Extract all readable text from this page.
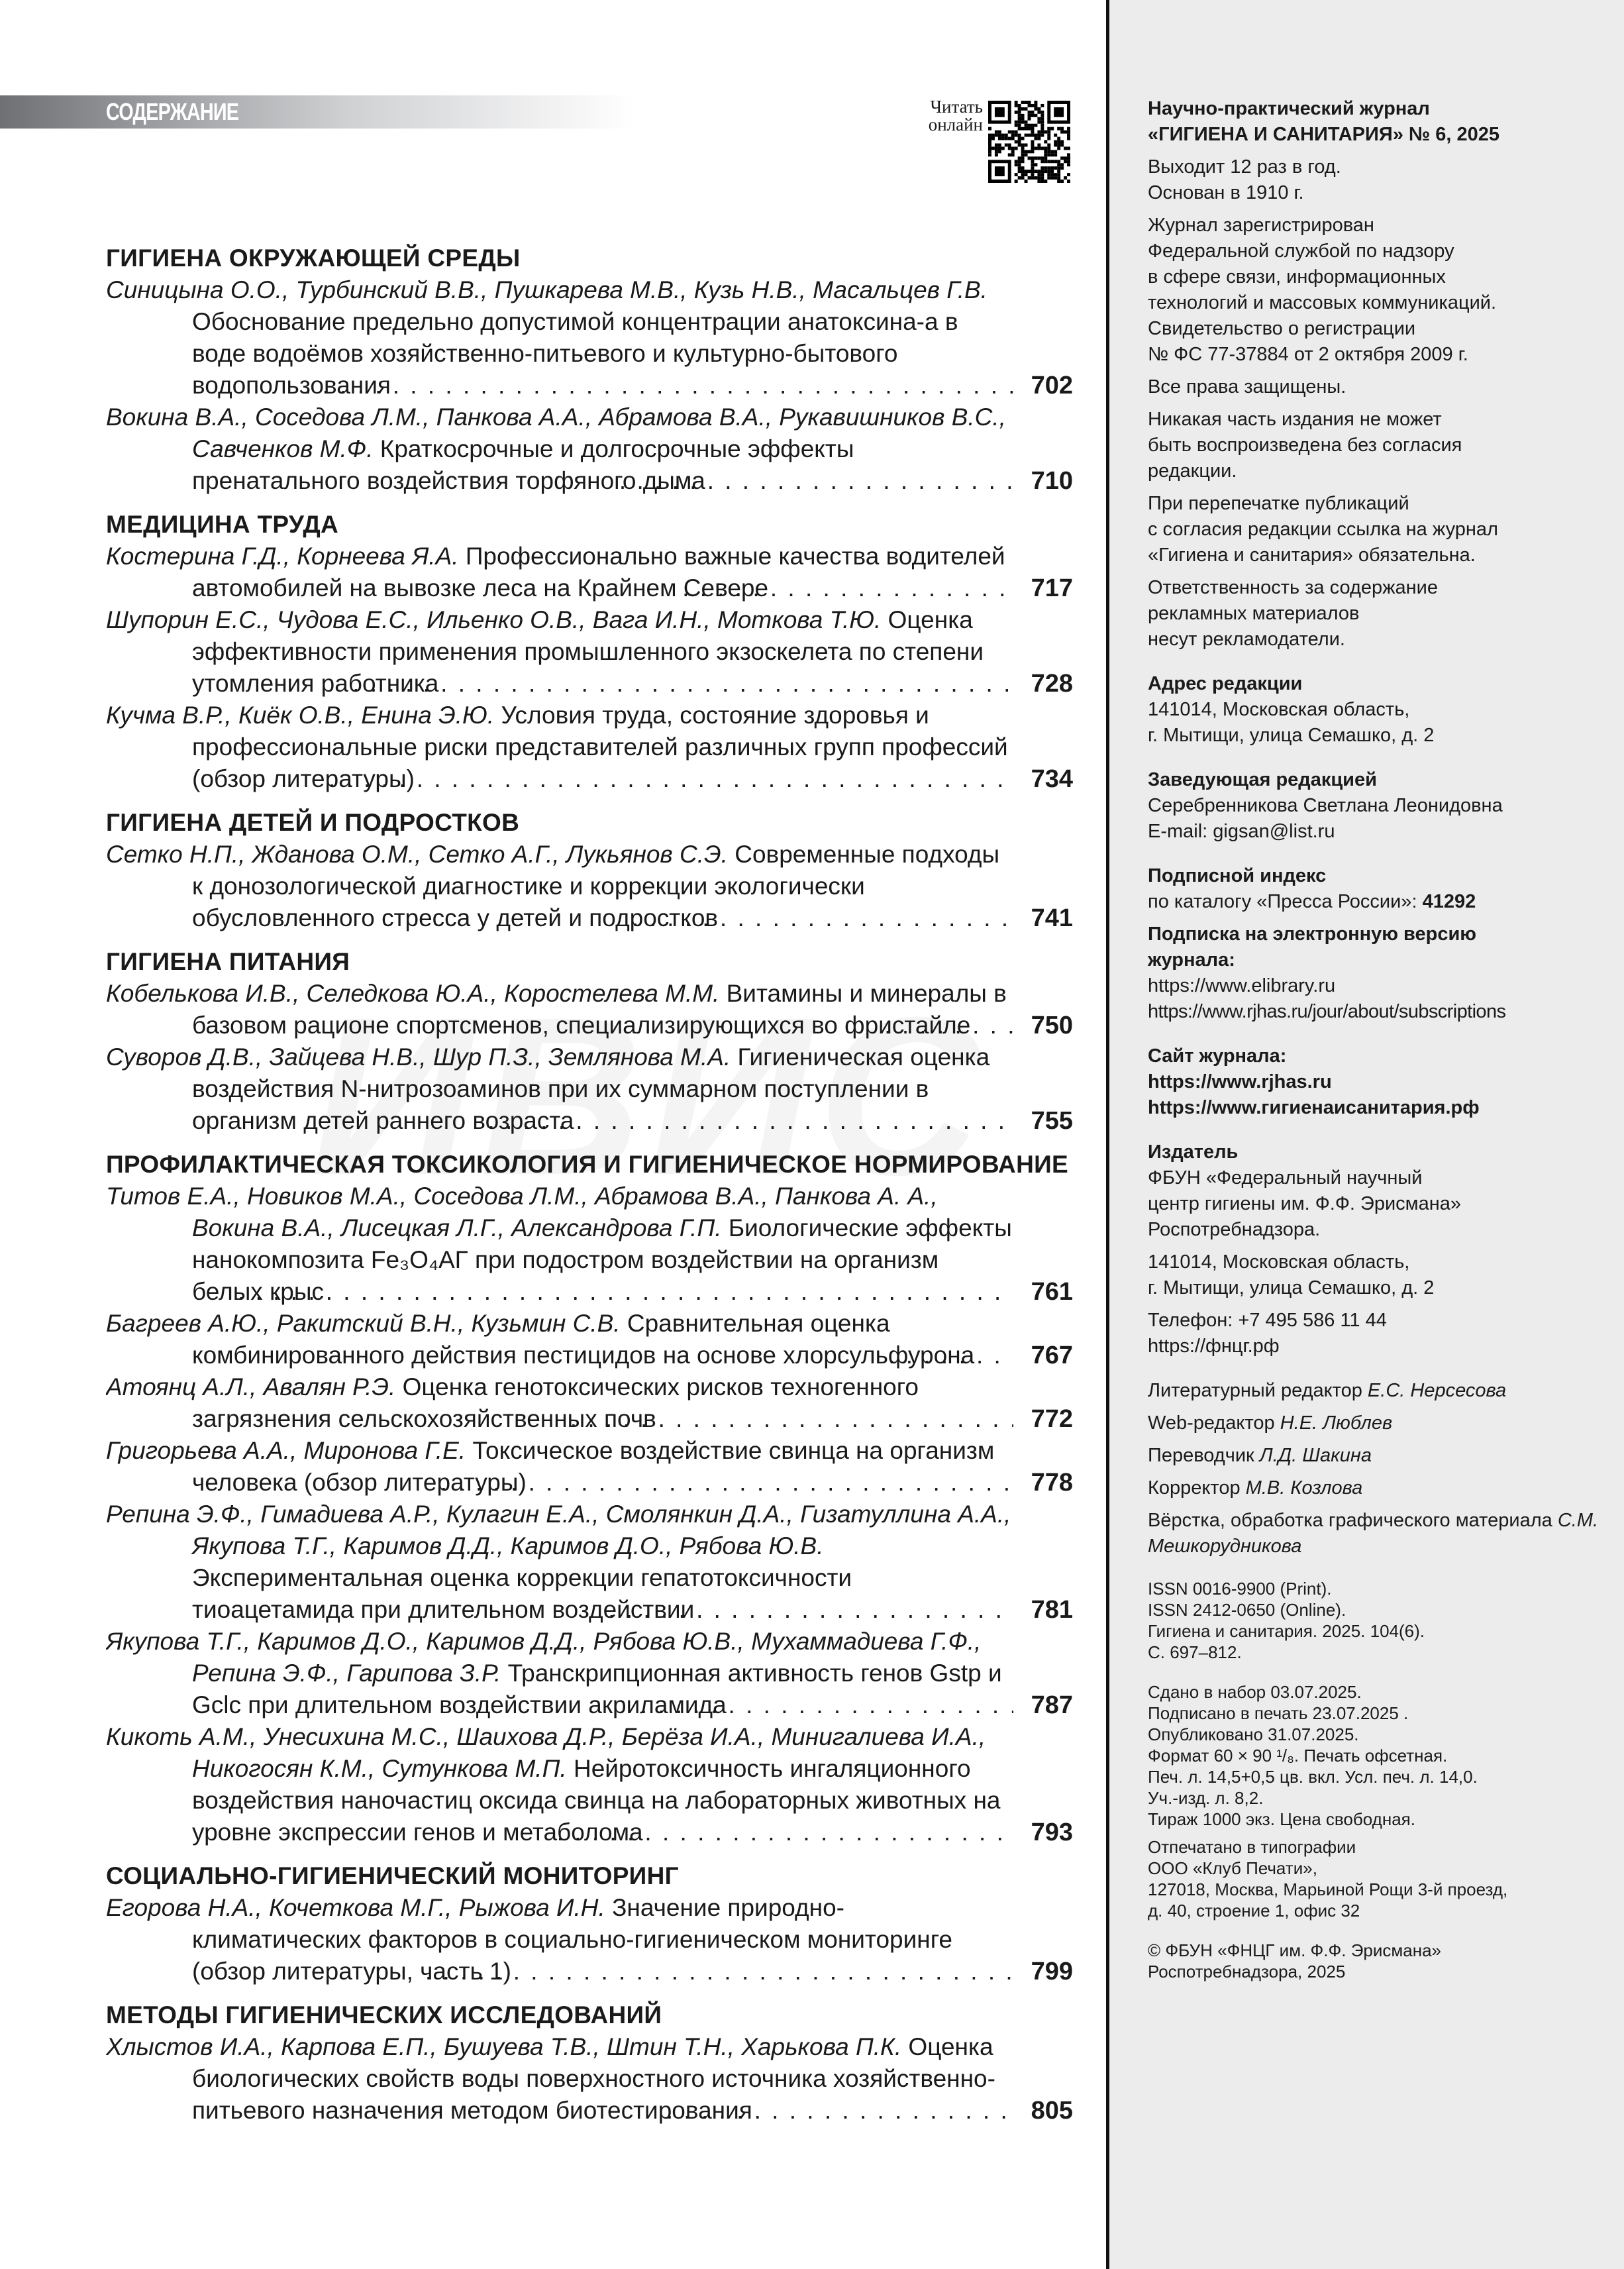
СОДЕРЖАНИЕ	Читать
онлайн
ГИГИЕНА ОКРУЖАЮЩЕЙ СРЕДЫ
Синицына О.О., Турбинский В.В., Пушкарева М.В., Кузь Н.В., Масальцев Г.В. Обоснование предельно допустимой концентрации анатоксина-а в воде водоёмов хозяйственно-питьевого и культурно-бытового водопользования	702
Вокина В.А., Соседова Л.М., Панкова А.А., Абрамова В.А., Рукавишников В.С., Савченков М.Ф. Краткосрочные и долгосрочные эффекты пренатального воздействия торфяного дыма	710
МЕДИЦИНА ТРУДА
Костерина Г.Д., Корнеева Я.А. Профессионально важные качества водителей автомобилей на вывозке леса на Крайнем Севере	717
Шупорин Е.С., Чудова Е.С., Ильенко О.В., Вага И.Н., Моткова Т.Ю. Оценка эффективности применения промышленного экзоскелета по степени утомления работника	728
Кучма В.Р., Киёк О.В., Енина Э.Ю. Условия труда, состояние здоровья и профессиональные риски представителей различных групп профессий (обзор литературы)	734
ГИГИЕНА ДЕТЕЙ И ПОДРОСТКОВ
Сетко Н.П., Жданова О.М., Сетко А.Г., Лукьянов С.Э. Современные подходы к донозологической диагностике и коррекции экологически обусловленного стресса у детей и подростков	741
ГИГИЕНА ПИТАНИЯ
Кобелькова И.В., Селедкова Ю.А., Коростелева М.М. Витамины и минералы в базовом рационе спортсменов, специализирующихся во фристайле	750
Суворов Д.В., Зайцева Н.В., Шур П.З., Землянова М.А. Гигиеническая оценка воздействия N-нитрозоаминов при их суммарном поступлении в организм детей раннего возраста	755
ПРОФИЛАКТИЧЕСКАЯ ТОКСИКОЛОГИЯ И ГИГИЕНИЧЕСКОЕ НОРМИРОВАНИЕ
Титов Е.А., Новиков М.А., Соседова Л.М., Абрамова В.А., Панкова А. А., Вокина В.А., Лисецкая Л.Г., Александрова Г.П. Биологические эффекты нанокомпозита Fe₃O₄АГ при подостром воздействии на организм белых крыс	761
Багреев А.Ю., Ракитский В.Н., Кузьмин С.В. Сравнительная оценка комбинированного действия пестицидов на основе хлорсульфурона	767
Атоянц А.Л., Авалян Р.Э. Оценка генотоксических рисков техногенного загрязнения сельскохозяйственных почв	772
Григорьева А.А., Миронова Г.Е. Токсическое воздействие свинца на организм человека (обзор литературы)	778
Репина Э.Ф., Гимадиева А.Р., Кулагин Е.А., Смолянкин Д.А., Гизатуллина А.А., Якупова Т.Г., Каримов Д.Д., Каримов Д.О., Рябова Ю.В. Экспериментальная оценка коррекции гепатотоксичности тиоацетамида при длительном воздействии	781
Якупова Т.Г., Каримов Д.О., Каримов Д.Д., Рябова Ю.В., Мухаммадиева Г.Ф., Репина Э.Ф., Гарипова З.Р. Транскрипционная активность генов Gstp и Gclc при длительном воздействии акриламида	787
Кикоть А.М., Унесихина М.С., Шаихова Д.Р., Берёза И.А., Минигалиева И.А., Никогосян К.М., Сутункова М.П. Нейротоксичность ингаляционного воздействия наночастиц оксида свинца на лабораторных животных на уровне экспрессии генов и метаболома	793
СОЦИАЛЬНО-ГИГИЕНИЧЕСКИЙ МОНИТОРИНГ
Егорова Н.А., Кочеткова М.Г., Рыжова И.Н. Значение природно-климатических факторов в социально-гигиеническом мониторинге (обзор литературы, часть 1)	799
МЕТОДЫ ГИГИЕНИЧЕСКИХ ИССЛЕДОВАНИЙ
Хлыстов И.А., Карпова Е.П., Бушуева Т.В., Штин Т.Н., Харькова П.К. Оценка биологических свойств воды поверхностного источника хозяйственно-питьевого назначения методом биотестирования	805

Научно-практический журнал
«ГИГИЕНА И САНИТАРИЯ» № 6, 2025

Выходит 12 раз в год.
Основан в 1910 г.

Журнал зарегистрирован
Федеральной службой по надзору
в сфере связи, информационных
технологий и массовых коммуникаций.
Свидетельство о регистрации
№ ФС 77-37884 от 2 октября 2009 г.

Все права защищены.

Никакая часть издания не может
быть воспроизведена без согласия
редакции.

При перепечатке публикаций
с согласия редакции ссылка на журнал
«Гигиена и санитария» обязательна.

Ответственность за содержание
рекламных материалов
несут рекламодатели.

Адрес редакции

141014, Московская область,
г. Мытищи, улица Семашко, д. 2

Заведующая редакцией

Серебренникова Светлана Леонидовна
E-mail: gigsan@list.ru

Подписной индекс

по каталогу «Пресса России»: 41292

Подписка на электронную версию
журнала:

https://www.elibrary.ru
https://www.rjhas.ru/jour/about/subscriptions

Сайт журнала:

https://www.rjhas.ru
https://www.гигиенаисанитария.рф

Издатель

ФБУН «Федеральный научный
центр гигиены им. Ф.Ф. Эрисмана»
Роспотребнадзора.

141014, Московская область,
г. Мытищи, улица Семашко, д. 2

Телефон: +7 495 586 11 44
https://фнцг.рф

Литературный редактор Е.С. Нерсесова

Web-редактор Н.Е. Люблев

Переводчик Л.Д. Шакина

Корректор М.В. Козлова

Вёрстка, обработка графического материала С.М. Мешкорудникова

ISSN 0016-9900 (Print).
ISSN 2412-0650 (Online).
Гигиена и санитария. 2025. 104(6).
С. 697–812.

Сдано в набор 03.07.2025.
Подписано в печать 23.07.2025 .
Опубликовано 31.07.2025.
Формат 60 × 90 ¹/₈. Печать офсетная.
Печ. л. 14,5+0,5 цв. вкл. Усл. печ. л. 14,0.
Уч.-изд. л. 8,2.
Тираж 1000 экз. Цена свободная.

Отпечатано в типографии
ООО «Клуб Печати»,
127018, Москва, Марьиной Рощи 3-й проезд,
д. 40, строение 1, офис 32

© ФБУН «ФНЦГ им. Ф.Ф. Эрисмана»
Роспотребнадзора, 2025
